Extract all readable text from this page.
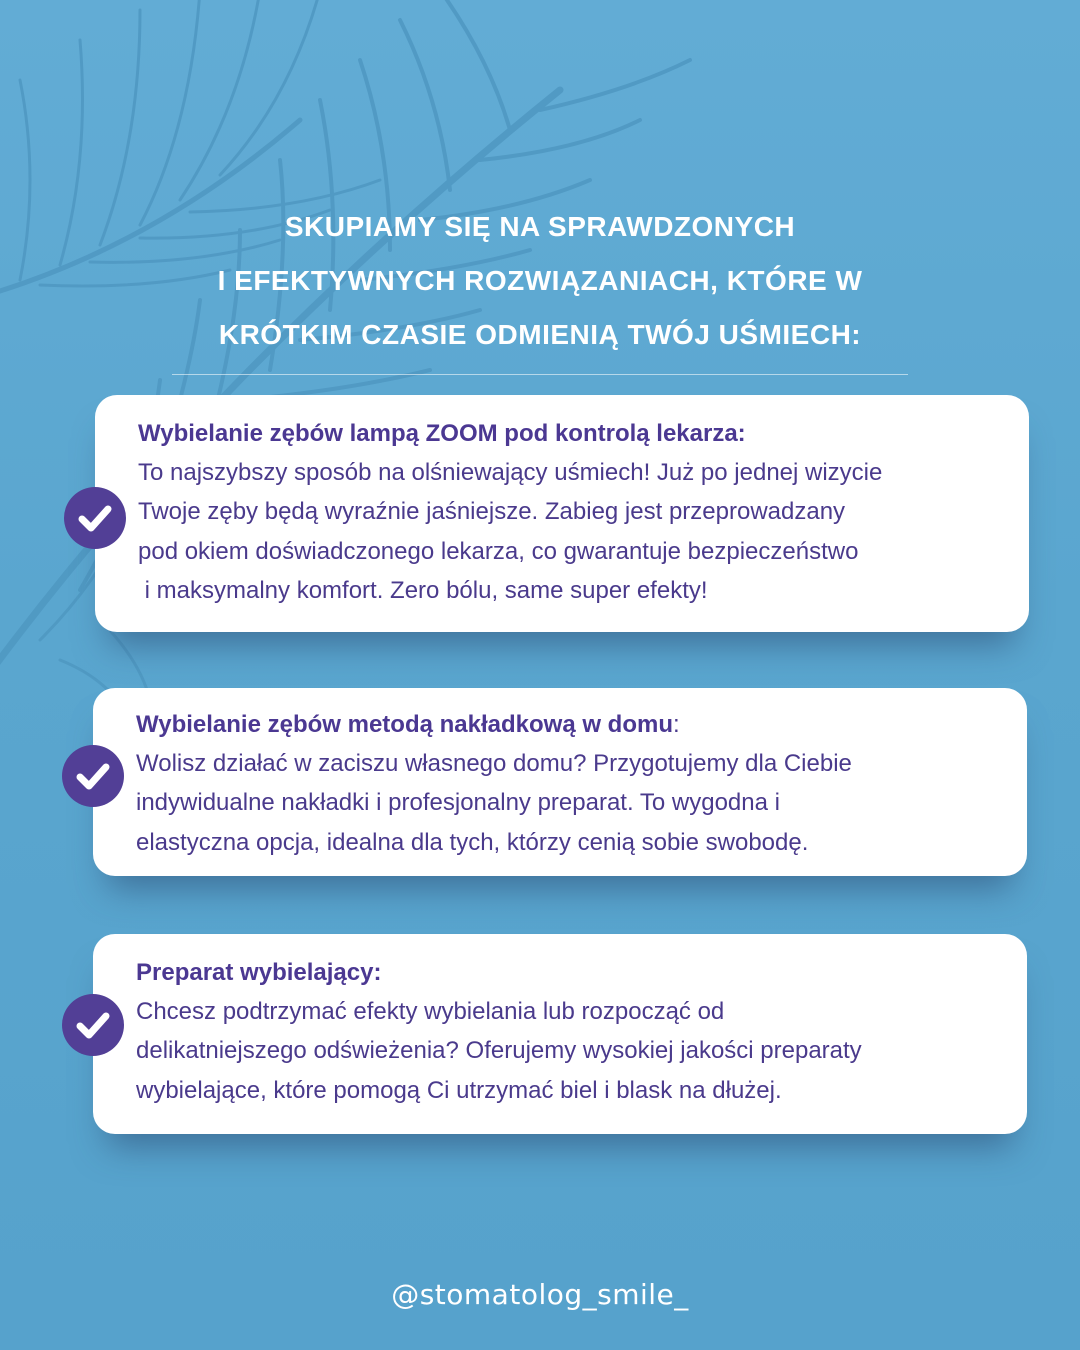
SKUPIAMY SIĘ NA SPRAWDZONYCH
I EFEKTYWNYCH ROZWIĄZANIACH, KTÓRE W
KRÓTKIM CZASIE ODMIENIĄ TWÓJ UŚMIECH:

Wybielanie zębów lampą ZOOM pod kontrolą lekarza:
To najszybszy sposób na olśniewający uśmiech! Już po jednej wizycie
Twoje zęby będą wyraźnie jaśniejsze. Zabieg jest przeprowadzany
pod okiem doświadczonego lekarza, co gwarantuje bezpieczeństwo
i maksymalny komfort. Zero bólu, same super efekty!

Wybielanie zębów metodą nakładkową w domu:
Wolisz działać w zaciszu własnego domu? Przygotujemy dla Ciebie
indywidualne nakładki i profesjonalny preparat. To wygodna i
elastyczna opcja, idealna dla tych, którzy cenią sobie swobodę.

Preparat wybielający:
Chcesz podtrzymać efekty wybielania lub rozpocząć od
delikatniejszego odświeżenia? Oferujemy wysokiej jakości preparaty
wybielające, które pomogą Ci utrzymać biel i blask na dłużej.

@stomatolog_smile_
